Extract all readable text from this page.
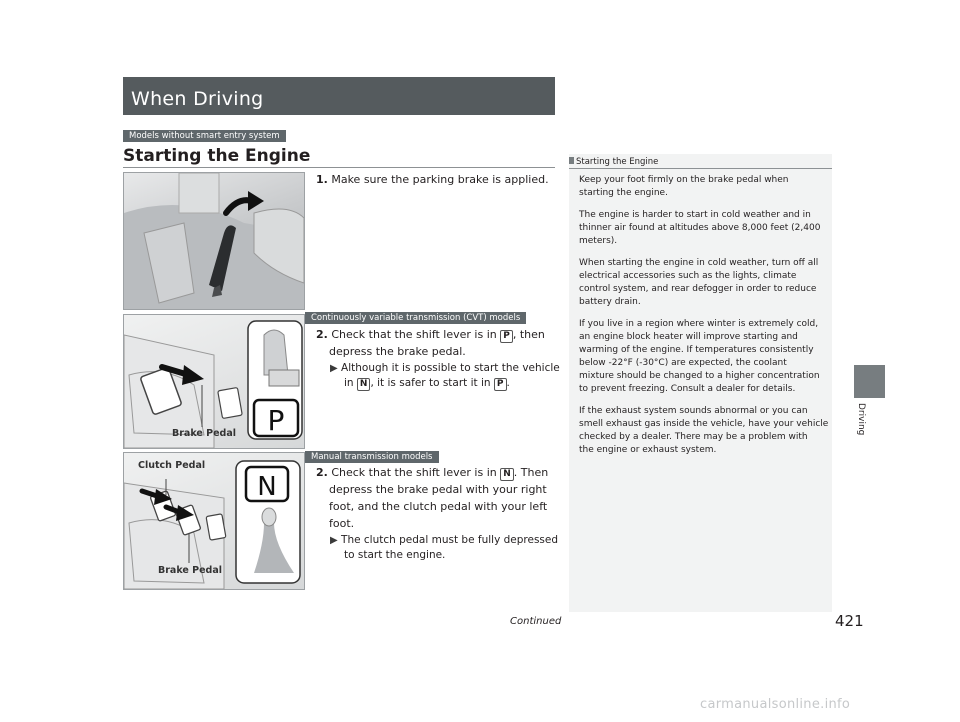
When Driving
Models without smart entry system
Starting the Engine
1. Make sure the parking brake is applied.
Continuously variable transmission (CVT) models
P
Brake Pedal
2. Check that the shift lever is in P , then
depress the brake pedal.
▶ Although it is possible to start the vehicle
in N , it is safer to start it in P .
Manual transmission models
N
Clutch Pedal
Brake Pedal
2. Check that the shift lever is in N . Then
depress the brake pedal with your right
foot, and the clutch pedal with your left
foot.
▶ The clutch pedal must be fully depressed
to start the engine.
Starting the Engine
Keep your foot firmly on the brake pedal when
starting the engine.
The engine is harder to start in cold weather and in
thinner air found at altitudes above 8,000 feet (2,400
meters).
When starting the engine in cold weather, turn off all
electrical accessories such as the lights, climate
control system, and rear defogger in order to reduce
battery drain.
If you live in a region where winter is extremely cold,
an engine block heater will improve starting and
warming of the engine. If temperatures consistently
below -22°F (-30°C) are expected, the coolant
mixture should be changed to a higher concentration
to prevent freezing. Consult a dealer for details.
If the exhaust system sounds abnormal or you can
smell exhaust gas inside the vehicle, have your vehicle
checked by a dealer. There may be a problem with
the engine or exhaust system.
Driving
Continued	421
carmanualsonline.info
